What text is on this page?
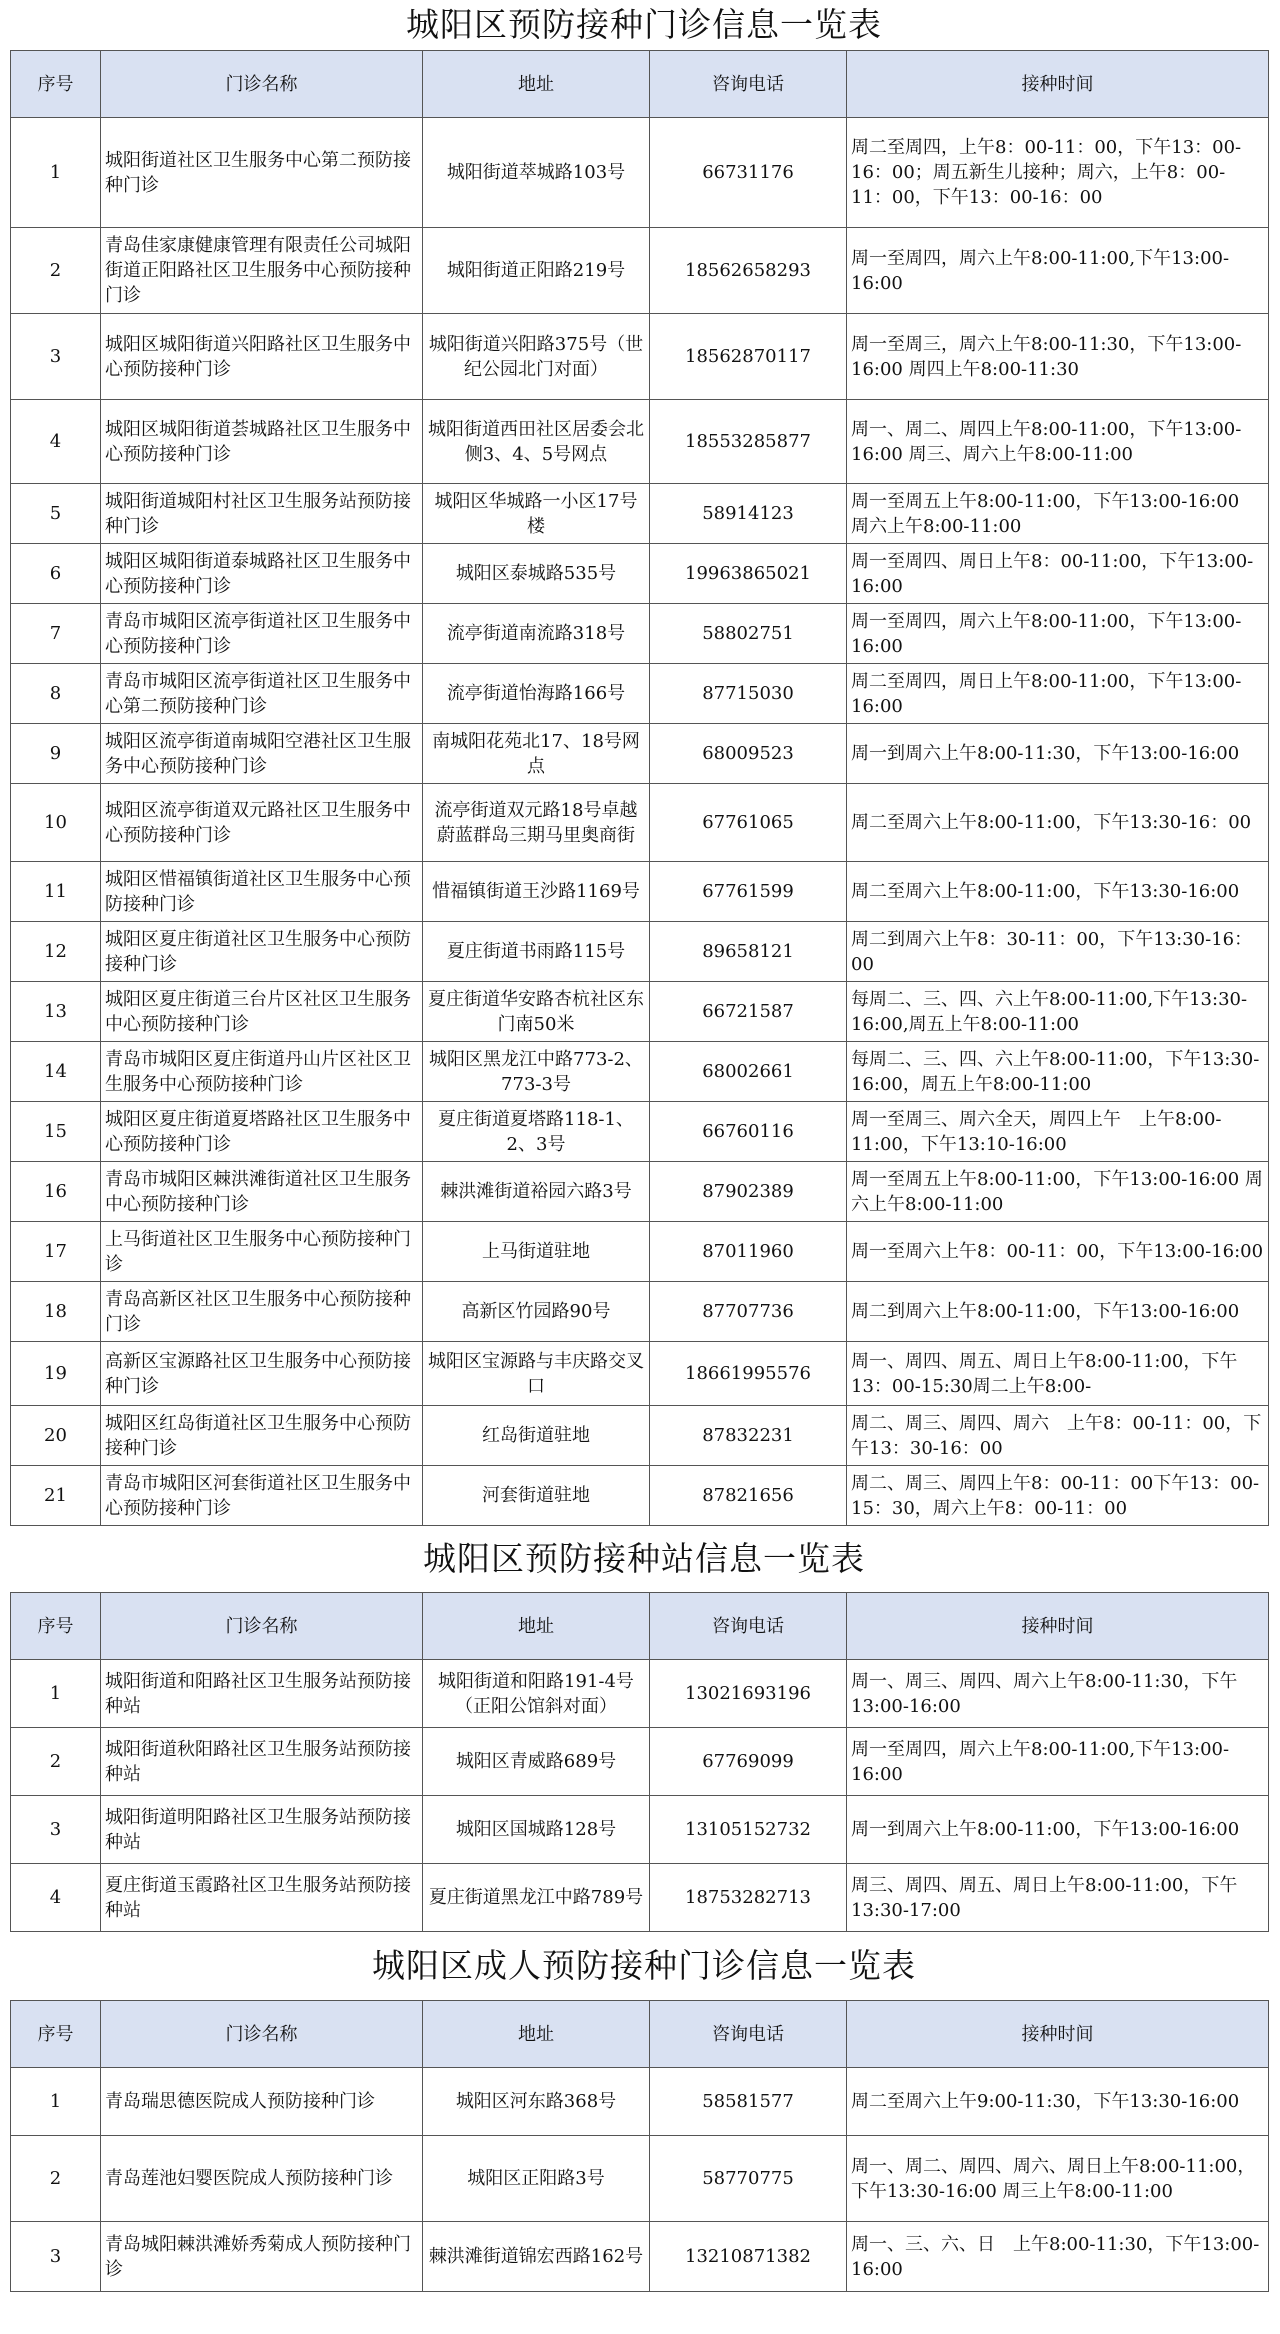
城阳区预防接种门诊信息一览表
序号	门诊名称	地址	咨询电话	接种时间
1	城阳街道社区卫生服务中心第二预防接种门诊	城阳街道萃城路103号	66731176	周二至周四，上午8：00-11：00，下午13：00-16：00；周五新生儿接种；周六，上午8：00-11：00，下午13：00-16：00
2	青岛佳家康健康管理有限责任公司城阳街道正阳路社区卫生服务中心预防接种门诊	城阳街道正阳路219号	18562658293	周一至周四，周六上午8:00-11:00,下午13:00-16:00
3	城阳区城阳街道兴阳路社区卫生服务中心预防接种门诊	城阳街道兴阳路375号（世纪公园北门对面）	18562870117	周一至周三，周六上午8:00-11:30，下午13:00-16:00 周四上午8:00-11:30
4	城阳区城阳街道荟城路社区卫生服务中心预防接种门诊	城阳街道西田社区居委会北侧3、4、5号网点	18553285877	周一、周二、周四上午8:00-11:00，下午13:00-16:00 周三、周六上午8:00-11:00
5	城阳街道城阳村社区卫生服务站预防接种门诊	城阳区华城路一小区17号楼	58914123	周一至周五上午8:00-11:00，下午13:00-16:00　周六上午8:00-11:00
6	城阳区城阳街道泰城路社区卫生服务中心预防接种门诊	城阳区泰城路535号	19963865021	周一至周四、周日上午8：00-11:00，下午13:00-16:00
7	青岛市城阳区流亭街道社区卫生服务中心预防接种门诊	流亭街道南流路318号	58802751	周一至周四，周六上午8:00-11:00，下午13:00-16:00
8	青岛市城阳区流亭街道社区卫生服务中心第二预防接种门诊	流亭街道怡海路166号	87715030	周二至周四，周日上午8:00-11:00，下午13:00-16:00
9	城阳区流亭街道南城阳空港社区卫生服务中心预防接种门诊	南城阳花苑北17、18号网点	68009523	周一到周六上午8:00-11:30，下午13:00-16:00
10	城阳区流亭街道双元路社区卫生服务中心预防接种门诊	流亭街道双元路18号卓越蔚蓝群岛三期马里奥商街	67761065	周二至周六上午8:00-11:00，下午13:30-16：00
11	城阳区惜福镇街道社区卫生服务中心预防接种门诊	惜福镇街道王沙路1169号	67761599	周二至周六上午8:00-11:00，下午13:30-16:00
12	城阳区夏庄街道社区卫生服务中心预防接种门诊	夏庄街道书雨路115号	89658121	周二到周六上午8：30-11：00，下午13:30-16：00
13	城阳区夏庄街道三台片区社区卫生服务中心预防接种门诊	夏庄街道华安路杏杭社区东门南50米	66721587	每周二、三、四、六上午8:00-11:00,下午13:30-16:00,周五上午8:00-11:00
14	青岛市城阳区夏庄街道丹山片区社区卫生服务中心预防接种门诊	城阳区黑龙江中路773-2、773-3号	68002661	每周二、三、四、六上午8:00-11:00，下午13:30-16:00，周五上午8:00-11:00
15	城阳区夏庄街道夏塔路社区卫生服务中心预防接种门诊	夏庄街道夏塔路118-1、2、3号	66760116	周一至周三、周六全天，周四上午　上午8:00-11:00，下午13:10-16:00
16	青岛市城阳区棘洪滩街道社区卫生服务中心预防接种门诊	棘洪滩街道裕园六路3号	87902389	周一至周五上午8:00-11:00，下午13:00-16:00 周六上午8:00-11:00
17	上马街道社区卫生服务中心预防接种门诊	上马街道驻地	87011960	周一至周六上午8：00-11：00，下午13:00-16:00
18	青岛高新区社区卫生服务中心预防接种门诊	高新区竹园路90号	87707736	周二到周六上午8:00-11:00，下午13:00-16:00
19	高新区宝源路社区卫生服务中心预防接种门诊	城阳区宝源路与丰庆路交叉口	18661995576	周一、周四、周五、周日上午8:00-11:00，下午13：00-15:30周二上午8:00-
20	城阳区红岛街道社区卫生服务中心预防接种门诊	红岛街道驻地	87832231	周二、周三、周四、周六　上午8：00-11：00，下午13：30-16：00
21	青岛市城阳区河套街道社区卫生服务中心预防接种门诊	河套街道驻地	87821656	周二、周三、周四上午8：00-11：00下午13：00-15：30，周六上午8：00-11：00
城阳区预防接种站信息一览表
序号	门诊名称	地址	咨询电话	接种时间
1	城阳街道和阳路社区卫生服务站预防接种站	城阳街道和阳路191-4号（正阳公馆斜对面）	13021693196	周一、周三、周四、周六上午8:00-11:30，下午13:00-16:00
2	城阳街道秋阳路社区卫生服务站预防接种站	城阳区青威路689号	67769099	周一至周四，周六上午8:00-11:00,下午13:00-16:00
3	城阳街道明阳路社区卫生服务站预防接种站	城阳区国城路128号	13105152732	周一到周六上午8:00-11:00，下午13:00-16:00
4	夏庄街道玉霞路社区卫生服务站预防接种站	夏庄街道黑龙江中路789号	18753282713	周三、周四、周五、周日上午8:00-11:00，下午13:30-17:00
城阳区成人预防接种门诊信息一览表
序号	门诊名称	地址	咨询电话	接种时间
1	青岛瑞思德医院成人预防接种门诊	城阳区河东路368号	58581577	周二至周六上午9:00-11:30，下午13:30-16:00
2	青岛莲池妇婴医院成人预防接种门诊	城阳区正阳路3号	58770775	周一、周二、周四、周六、周日上午8:00-11:00，下午13:30-16:00 周三上午8:00-11:00
3	青岛城阳棘洪滩娇秀菊成人预防接种门诊	棘洪滩街道锦宏西路162号	13210871382	周一、三、六、日　上午8:00-11:30，下午13:00-16:00
